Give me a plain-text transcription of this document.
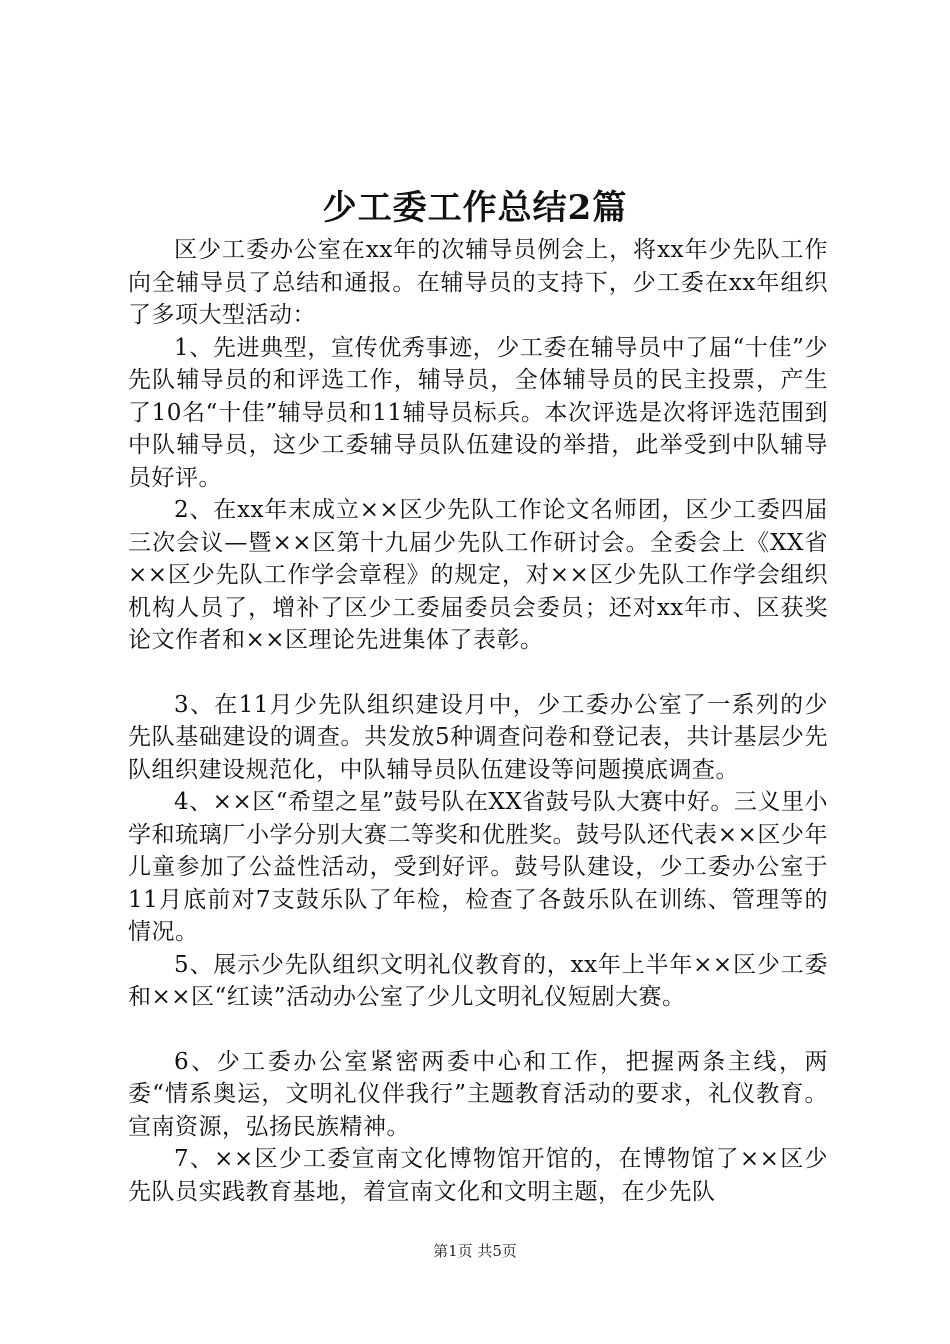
少工委工作总结2篇

区少工委办公室在xx年的次辅导员例会上，将xx年少先队工作向全辅导员了总结和通报。在辅导员的支持下，少工委在xx年组织了多项大型活动：

1、先进典型，宣传优秀事迹，少工委在辅导员中了届“十佳”少先队辅导员的和评选工作，辅导员，全体辅导员的民主投票，产生了10名“十佳”辅导员和11辅导员标兵。本次评选是次将评选范围到中队辅导员，这少工委辅导员队伍建设的举措，此举受到中队辅导员好评。

2、在xx年末成立××区少先队工作论文名师团，区少工委四届三次会议—暨××区第十九届少先队工作研讨会。全委会上《XX省××区少先队工作学会章程》的规定，对××区少先队工作学会组织机构人员了，增补了区少工委届委员会委员；还对xx年市、区获奖论文作者和××区理论先进集体了表彰。

3、在11月少先队组织建设月中，少工委办公室了一系列的少先队基础建设的调查。共发放5种调查问卷和登记表，共计基层少先队组织建设规范化，中队辅导员队伍建设等问题摸底调查。

4、××区“希望之星”鼓号队在XX省鼓号队大赛中好。三义里小学和琉璃厂小学分别大赛二等奖和优胜奖。鼓号队还代表××区少年儿童参加了公益性活动，受到好评。鼓号队建设，少工委办公室于11月底前对7支鼓乐队了年检，检查了各鼓乐队在训练、管理等的情况。

5、展示少先队组织文明礼仪教育的，xx年上半年××区少工委和××区“红读”活动办公室了少儿文明礼仪短剧大赛。

6、少工委办公室紧密两委中心和工作，把握两条主线，两委“情系奥运，文明礼仪伴我行”主题教育活动的要求，礼仪教育。宣南资源，弘扬民族精神。

7、××区少工委宣南文化博物馆开馆的，在博物馆了××区少先队员实践教育基地，着宣南文化和文明主题，在少先队

第1页 共5页
